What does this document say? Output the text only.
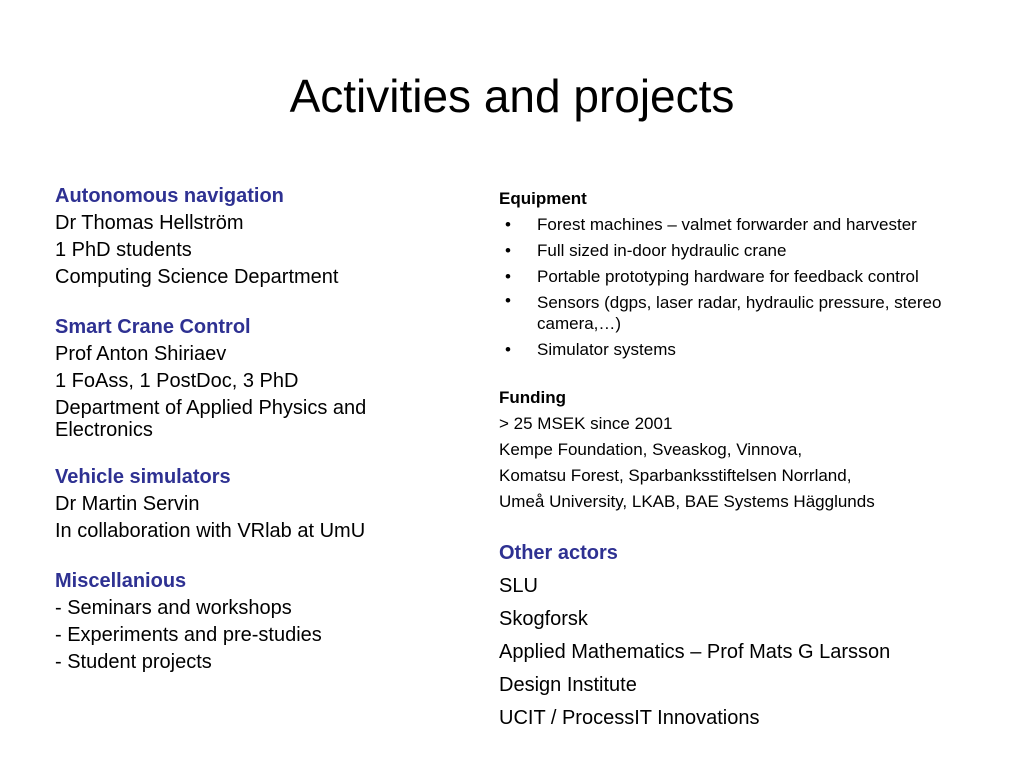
Activities and projects
Autonomous navigation
Dr Thomas Hellström
1 PhD students
Computing Science Department
Smart Crane Control
Prof Anton Shiriaev
1 FoAss, 1 PostDoc, 3 PhD
Department of Applied Physics and Electronics
Vehicle simulators
Dr Martin Servin
In collaboration with VRlab at UmU
Miscellanious
- Seminars and workshops
- Experiments and pre-studies
- Student projects
Equipment
• Forest machines – valmet forwarder and harvester
• Full sized in-door hydraulic crane
• Portable prototyping hardware for feedback control
• Sensors (dgps, laser radar, hydraulic pressure, stereo camera,…)
• Simulator systems
Funding
> 25 MSEK since 2001
Kempe Foundation, Sveaskog, Vinnova,
Komatsu Forest, Sparbanksstiftelsen Norrland,
Umeå University, LKAB, BAE Systems Hägglunds
Other actors
SLU
Skogforsk
Applied Mathematics – Prof Mats G Larsson
Design Institute
UCIT / ProcessIT Innovations
